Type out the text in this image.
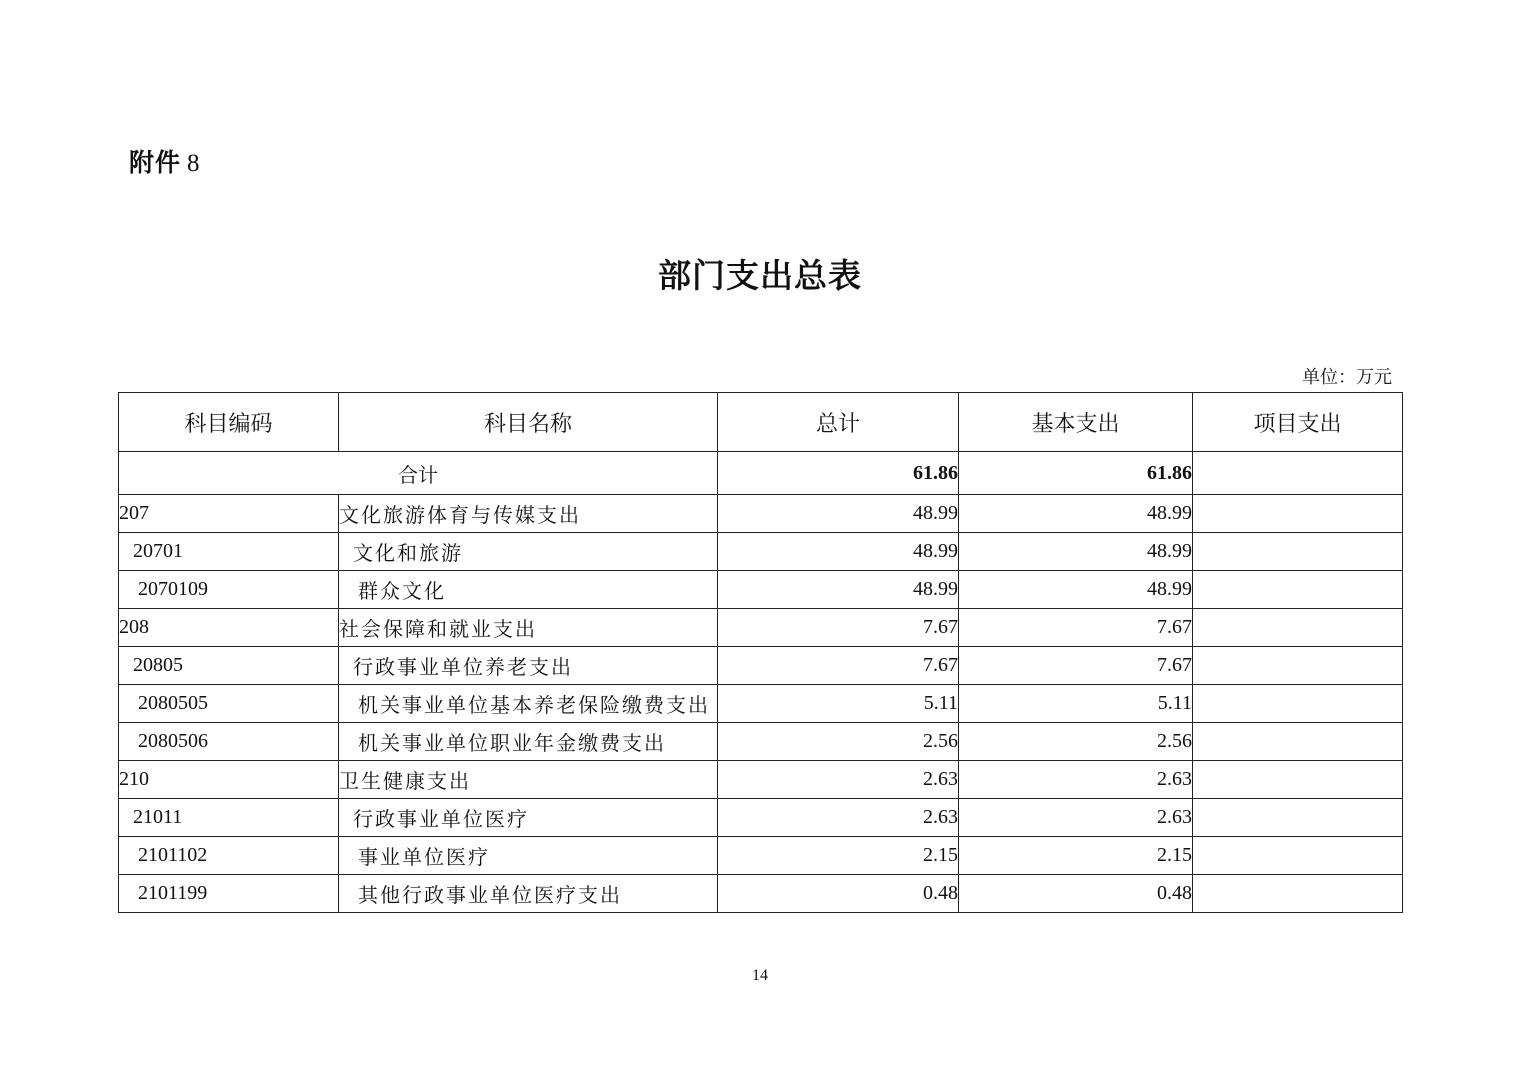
附件 8
部门支出总表
单位：万元
科目编码	科目名称	总计	基本支出	项目支出
合计		61.86	61.86	
207	文化旅游体育与传媒支出	48.99	48.99	
20701	文化和旅游	48.99	48.99	
2070109	群众文化	48.99	48.99	
208	社会保障和就业支出	7.67	7.67	
20805	行政事业单位养老支出	7.67	7.67	
2080505	机关事业单位基本养老保险缴费支出	5.11	5.11	
2080506	机关事业单位职业年金缴费支出	2.56	2.56	
210	卫生健康支出	2.63	2.63	
21011	行政事业单位医疗	2.63	2.63	
2101102	事业单位医疗	2.15	2.15	
2101199	其他行政事业单位医疗支出	0.48	0.48	
14
